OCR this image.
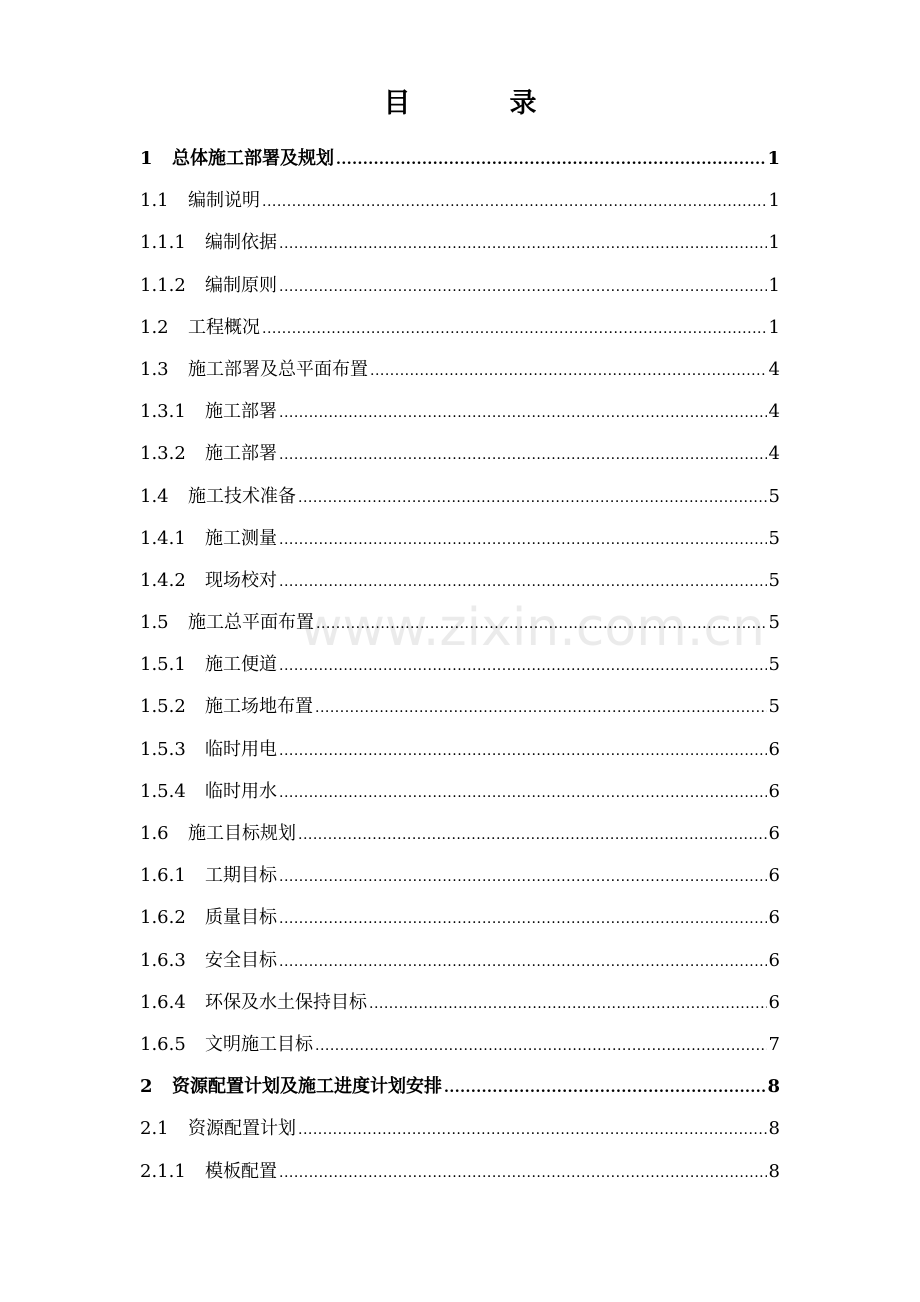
目　录
1	总体施工部署及规划 .....	1
1.1	编制说明 .....	1
1.1.1	编制依据 .....	1
1.1.2	编制原则 .....	1
1.2	工程概况 .....	1
1.3	施工部署及总平面布置 .....	4
1.3.1	施工部署 .....	4
1.3.2	施工部署 .....	4
1.4	施工技术准备 .....	5
1.4.1	施工测量 .....	5
1.4.2	现场校对 .....	5
1.5	施工总平面布置 .....	5
1.5.1	施工便道 .....	5
1.5.2	施工场地布置 .....	5
1.5.3	临时用电 .....	6
1.5.4	临时用水 .....	6
1.6	施工目标规划 .....	6
1.6.1	工期目标 .....	6
1.6.2	质量目标 .....	6
1.6.3	安全目标 .....	6
1.6.4	环保及水土保持目标 .....	6
1.6.5	文明施工目标 .....	7
2	资源配置计划及施工进度计划安排 .....	8
2.1	资源配置计划 .....	8
2.1.1	模板配置 .....	8
www.zixin.com.cn
